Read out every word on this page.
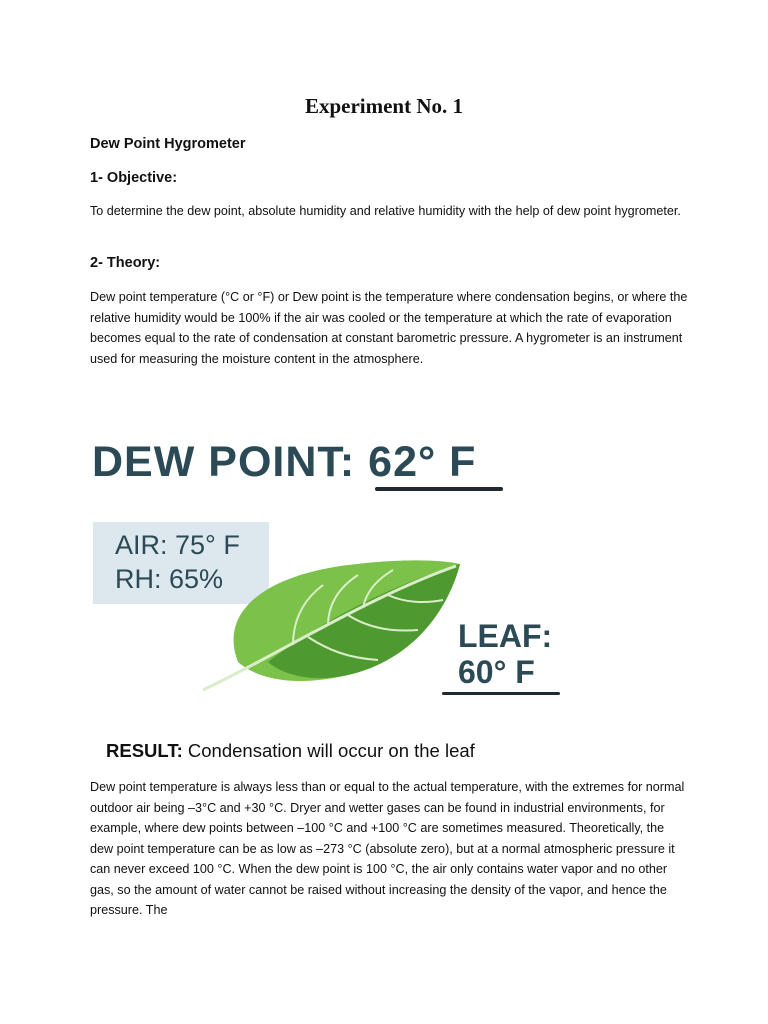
Experiment No. 1
Dew Point Hygrometer
1- Objective:
To determine the dew point, absolute humidity and relative humidity with the help of dew point hygrometer.
2- Theory:
Dew point temperature (°C or °F) or Dew point is the temperature where condensation begins, or where the relative humidity would be 100% if the air was cooled or the temperature at which the rate of evaporation becomes equal to the rate of condensation at constant barometric pressure. A hygrometer is an instrument used for measuring the moisture content in the atmosphere.
DEW POINT: 62° F
AIR: 75° F
RH: 65%
LEAF:
60° F
RESULT: Condensation will occur on the leaf
Dew point temperature is always less than or equal to the actual temperature, with the extremes for normal outdoor air being –3°C and +30 °C. Dryer and wetter gases can be found in industrial environments, for example, where dew points between –100 °C and +100 °C are sometimes measured. Theoretically, the dew point temperature can be as low as –273 °C (absolute zero), but at a normal atmospheric pressure it can never exceed 100 °C. When the dew point is 100 °C, the air only contains water vapor and no other gas, so the amount of water cannot be raised without increasing the density of the vapor, and hence the pressure. The
